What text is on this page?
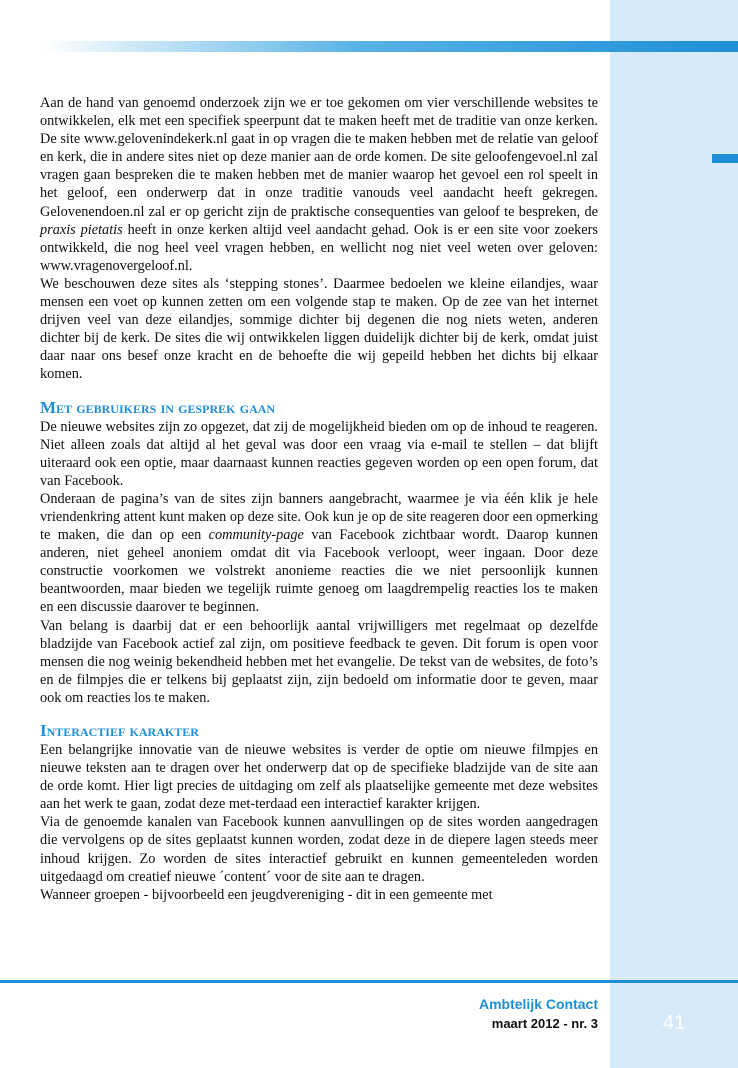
Aan de hand van genoemd onderzoek zijn we er toe gekomen om vier verschillende websites te ontwikkelen, elk met een specifiek speerpunt dat te maken heeft met de traditie van onze kerken. De site www.gelovenindekerk.nl gaat in op vragen die te maken hebben met de relatie van geloof en kerk, die in andere sites niet op deze manier aan de orde komen. De site geloofengevoel.nl zal vragen gaan bespreken die te maken hebben met de manier waarop het gevoel een rol speelt in het geloof, een onderwerp dat in onze traditie vanouds veel aandacht heeft gekregen. Gelovenendoen.nl zal er op gericht zijn de praktische consequenties van geloof te bespreken, de praxis pietatis heeft in onze kerken altijd veel aandacht gehad. Ook is er een site voor zoekers ontwikkeld, die nog heel veel vragen hebben, en wellicht nog niet veel weten over geloven: www.vragenovergeloof.nl.

We beschouwen deze sites als ‘stepping stones’. Daarmee bedoelen we kleine eilandjes, waar mensen een voet op kunnen zetten om een volgende stap te maken. Op de zee van het internet drijven veel van deze eilandjes, sommige dichter bij degenen die nog niets weten, anderen dichter bij de kerk. De sites die wij ontwikkelen liggen duidelijk dichter bij de kerk, omdat juist daar naar ons besef onze kracht en de behoefte die wij gepeild hebben het dichts bij elkaar komen.

Met gebruikers in gesprek gaan

De nieuwe websites zijn zo opgezet, dat zij de mogelijkheid bieden om op de inhoud te reageren. Niet alleen zoals dat altijd al het geval was door een vraag via e-mail te stellen – dat blijft uiteraard ook een optie, maar daarnaast kunnen reacties gegeven worden op een open forum, dat van Facebook.

Onderaan de pagina’s van de sites zijn banners aangebracht, waarmee je via één klik je hele vriendenkring attent kunt maken op deze site. Ook kun je op de site reageren door een opmerking te maken, die dan op een community-page van Facebook zichtbaar wordt. Daarop kunnen anderen, niet geheel anoniem omdat dit via Facebook verloopt, weer ingaan. Door deze constructie voorkomen we volstrekt anonieme reacties die we niet persoonlijk kunnen beantwoorden, maar bieden we tegelijk ruimte genoeg om laagdrempelig reacties los te maken en een discussie daarover te beginnen.

Van belang is daarbij dat er een behoorlijk aantal vrijwilligers met regelmaat op dezelfde bladzijde van Facebook actief zal zijn, om positieve feedback te geven. Dit forum is open voor mensen die nog weinig bekendheid hebben met het evangelie. De tekst van de websites, de foto’s en de filmpjes die er telkens bij geplaatst zijn, zijn bedoeld om informatie door te geven, maar ook om reacties los te maken.

Interactief karakter

Een belangrijke innovatie van de nieuwe websites is verder de optie om nieuwe filmpjes en nieuwe teksten aan te dragen over het onderwerp dat op de specifieke bladzijde van de site aan de orde komt. Hier ligt precies de uitdaging om zelf als plaatselijke gemeente met deze websites aan het werk te gaan, zodat deze met-terdaad een interactief karakter krijgen.

Via de genoemde kanalen van Facebook kunnen aanvullingen op de sites worden aangedragen die vervolgens op de sites geplaatst kunnen worden, zodat deze in de diepere lagen steeds meer inhoud krijgen. Zo worden de sites interactief gebruikt en kunnen gemeenteleden worden uitgedaagd om creatief nieuwe ´content´ voor de site aan te dragen.

Wanneer groepen - bijvoorbeeld een jeugdvereniging - dit in een gemeente met

Ambtelijk Contact
maart 2012 - nr. 3	41
